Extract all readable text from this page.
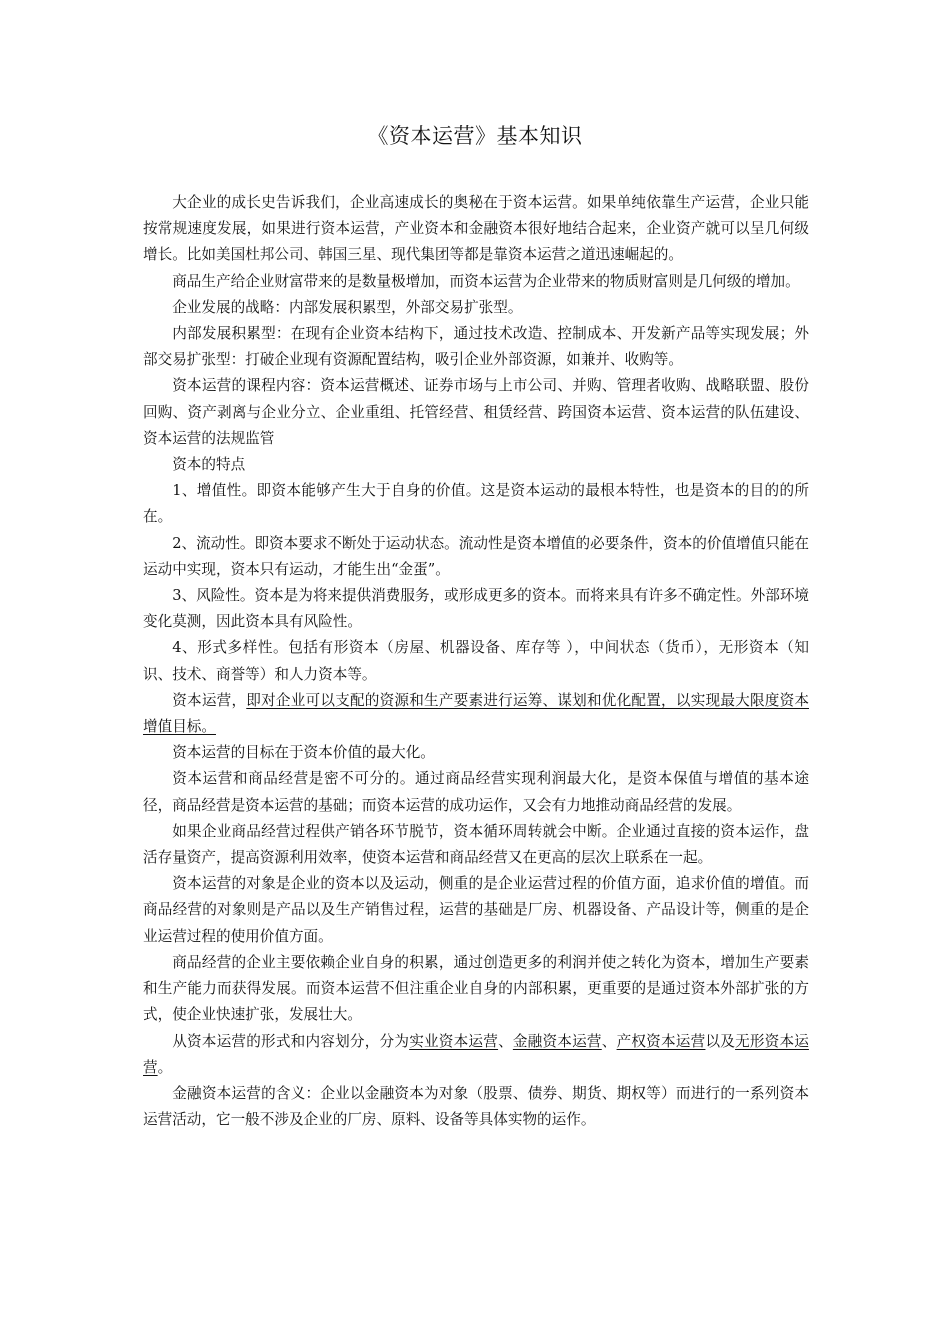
《资本运营》基本知识

大企业的成长史告诉我们，企业高速成长的奥秘在于资本运营。如果单纯依靠生产运营，企业只能按常规速度发展，如果进行资本运营，产业资本和金融资本很好地结合起来，企业资产就可以呈几何级增长。比如美国杜邦公司、韩国三星、现代集团等都是靠资本运营之道迅速崛起的。

商品生产给企业财富带来的是数量极增加，而资本运营为企业带来的物质财富则是几何级的增加。

企业发展的战略：内部发展积累型，外部交易扩张型。

内部发展积累型：在现有企业资本结构下，通过技术改造、控制成本、开发新产品等实现发展；外部交易扩张型：打破企业现有资源配置结构，吸引企业外部资源，如兼并、收购等。

资本运营的课程内容：资本运营概述、证券市场与上市公司、并购、管理者收购、战略联盟、股份回购、资产剥离与企业分立、企业重组、托管经营、租赁经营、跨国资本运营、资本运营的队伍建设、资本运营的法规监管

资本的特点

1、增值性。即资本能够产生大于自身的价值。这是资本运动的最根本特性，也是资本的目的的所在。

2、流动性。即资本要求不断处于运动状态。流动性是资本增值的必要条件，资本的价值增值只能在运动中实现，资本只有运动，才能生出“金蛋”。

3、风险性。资本是为将来提供消费服务，或形成更多的资本。而将来具有许多不确定性。外部环境变化莫测，因此资本具有风险性。

4、形式多样性。包括有形资本（房屋、机器设备、库存等 ），中间状态（货币），无形资本（知识、技术、商誉等）和人力资本等。

资本运营，即对企业可以支配的资源和生产要素进行运筹、谋划和优化配置，以实现最大限度资本增值目标。

资本运营的目标在于资本价值的最大化。

资本运营和商品经营是密不可分的。通过商品经营实现利润最大化，是资本保值与增值的基本途径，商品经营是资本运营的基础；而资本运营的成功运作，又会有力地推动商品经营的发展。

如果企业商品经营过程供产销各环节脱节，资本循环周转就会中断。企业通过直接的资本运作，盘活存量资产，提高资源利用效率，使资本运营和商品经营又在更高的层次上联系在一起。

资本运营的对象是企业的资本以及运动，侧重的是企业运营过程的价值方面，追求价值的增值。而商品经营的对象则是产品以及生产销售过程，运营的基础是厂房、机器设备、产品设计等，侧重的是企业运营过程的使用价值方面。

商品经营的企业主要依赖企业自身的积累，通过创造更多的利润并使之转化为资本，增加生产要素和生产能力而获得发展。而资本运营不但注重企业自身的内部积累，更重要的是通过资本外部扩张的方式，使企业快速扩张，发展壮大。

从资本运营的形式和内容划分，分为实业资本运营、金融资本运营、产权资本运营以及无形资本运营。

金融资本运营的含义：企业以金融资本为对象（股票、债券、期货、期权等）而进行的一系列资本运营活动，它一般不涉及企业的厂房、原料、设备等具体实物的运作。
